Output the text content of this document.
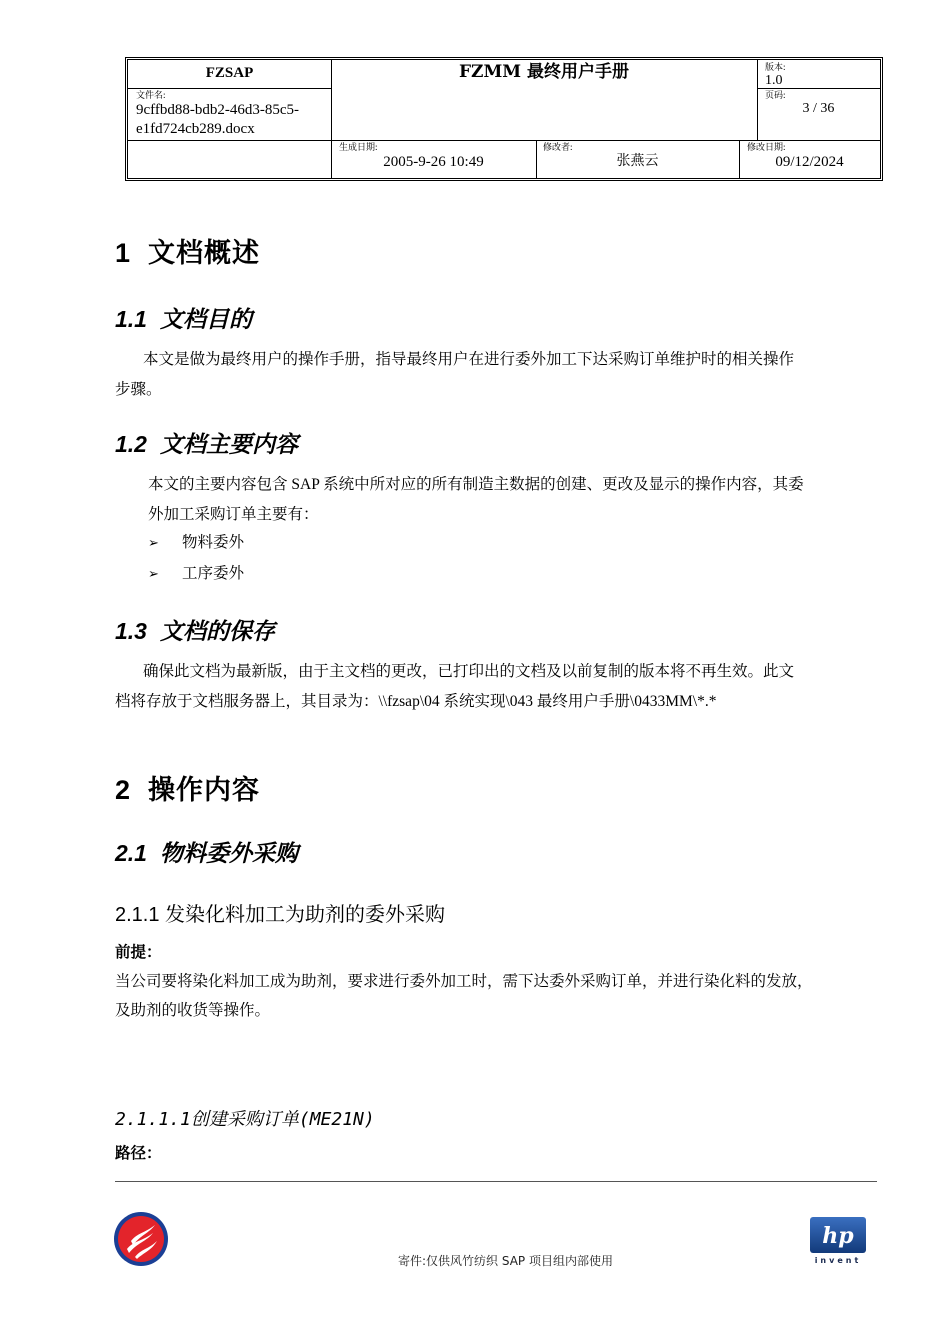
FZSAP	FZMM 最终用户手册	版本:
1.0
文件名:
9cffbd88-bdb2-46d3-85c5-
e1fd724cb289.docx
页码:
3 / 36
生成日期:
2005-9-26 10:49
修改者:
张燕云
修改日期:
09/12/2024
1 文档概述
1.1 文档目的
本文是做为最终用户的操作手册，指导最终用户在进行委外加工下达采购订单维护时的相关操作
步骤。
1.2 文档主要内容
本文的主要内容包含 SAP 系统中所对应的所有制造主数据的创建、更改及显示的操作内容，其委
外加工采购订单主要有：
➢ 物料委外
➢ 工序委外
1.3 文档的保存
确保此文档为最新版，由于主文档的更改，已打印出的文档及以前复制的版本将不再生效。此文
档将存放于文档服务器上，其目录为：\\fzsap\04 系统实现\043 最终用户手册\0433MM\*.*
2 操作内容
2.1 物料委外采购
2.1.1 发染化料加工为助剂的委外采购
前提：
当公司要将染化料加工成为助剂，要求进行委外加工时，需下达委外采购订单，并进行染化料的发放，
及助剂的收货等操作。
2.1.1.1创建采购订单(ME21N)
路径：
寄件:仅供风竹纺织 SAP 项目组内部使用
hp
invent
